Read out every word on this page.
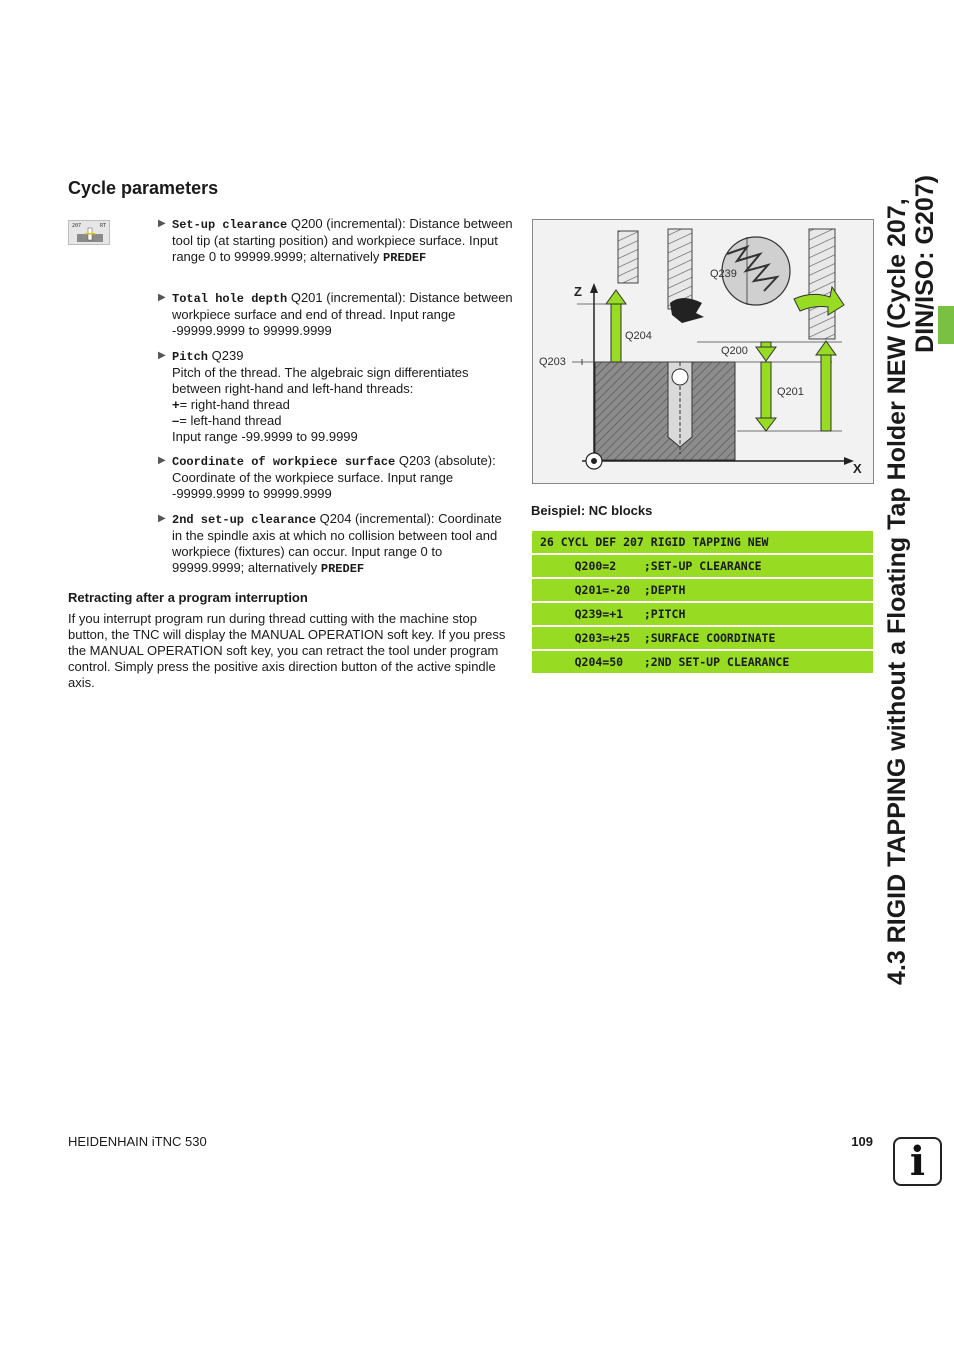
Cycle parameters
207	RT	▶ Set-up clearance Q200 (incremental): Distance between tool tip (at starting position) and workpiece surface. Input range 0 to 99999.9999; alternatively PREDEF
▶ Total hole depth Q201 (incremental): Distance between workpiece surface and end of thread. Input range -99999.9999 to 99999.9999
▶ Pitch Q239
Pitch of the thread. The algebraic sign differentiates between right-hand and left-hand threads:
+= right-hand thread
–= left-hand thread
Input range -99.9999 to 99.9999
▶ Coordinate of workpiece surface Q203 (absolute): Coordinate of the workpiece surface. Input range -99999.9999 to 99999.9999
▶ 2nd set-up clearance Q204 (incremental): Coordinate in the spindle axis at which no collision between tool and workpiece (fixtures) can occur. Input range 0 to 99999.9999; alternatively PREDEF
Retracting after a program interruption
If you interrupt program run during thread cutting with the machine stop button, the TNC will display the MANUAL OPERATION soft key. If you press the MANUAL OPERATION soft key, you can retract the tool under program control. Simply press the positive axis direction button of the active spindle axis.
Z
X
Q239
Q204
Q203
Q200
Q201
Beispiel: NC blocks
26 CYCL DEF 207 RIGID TAPPING NEW
Q200=2    ;SET-UP CLEARANCE
Q201=-20  ;DEPTH
Q239=+1   ;PITCH
Q203=+25  ;SURFACE COORDINATE
Q204=50   ;2ND SET-UP CLEARANCE	4.3 RIGID TAPPING without a Floating Tap Holder NEW (Cycle 207, DIN/ISO: G207)
HEIDENHAIN iTNC 530	109 i
